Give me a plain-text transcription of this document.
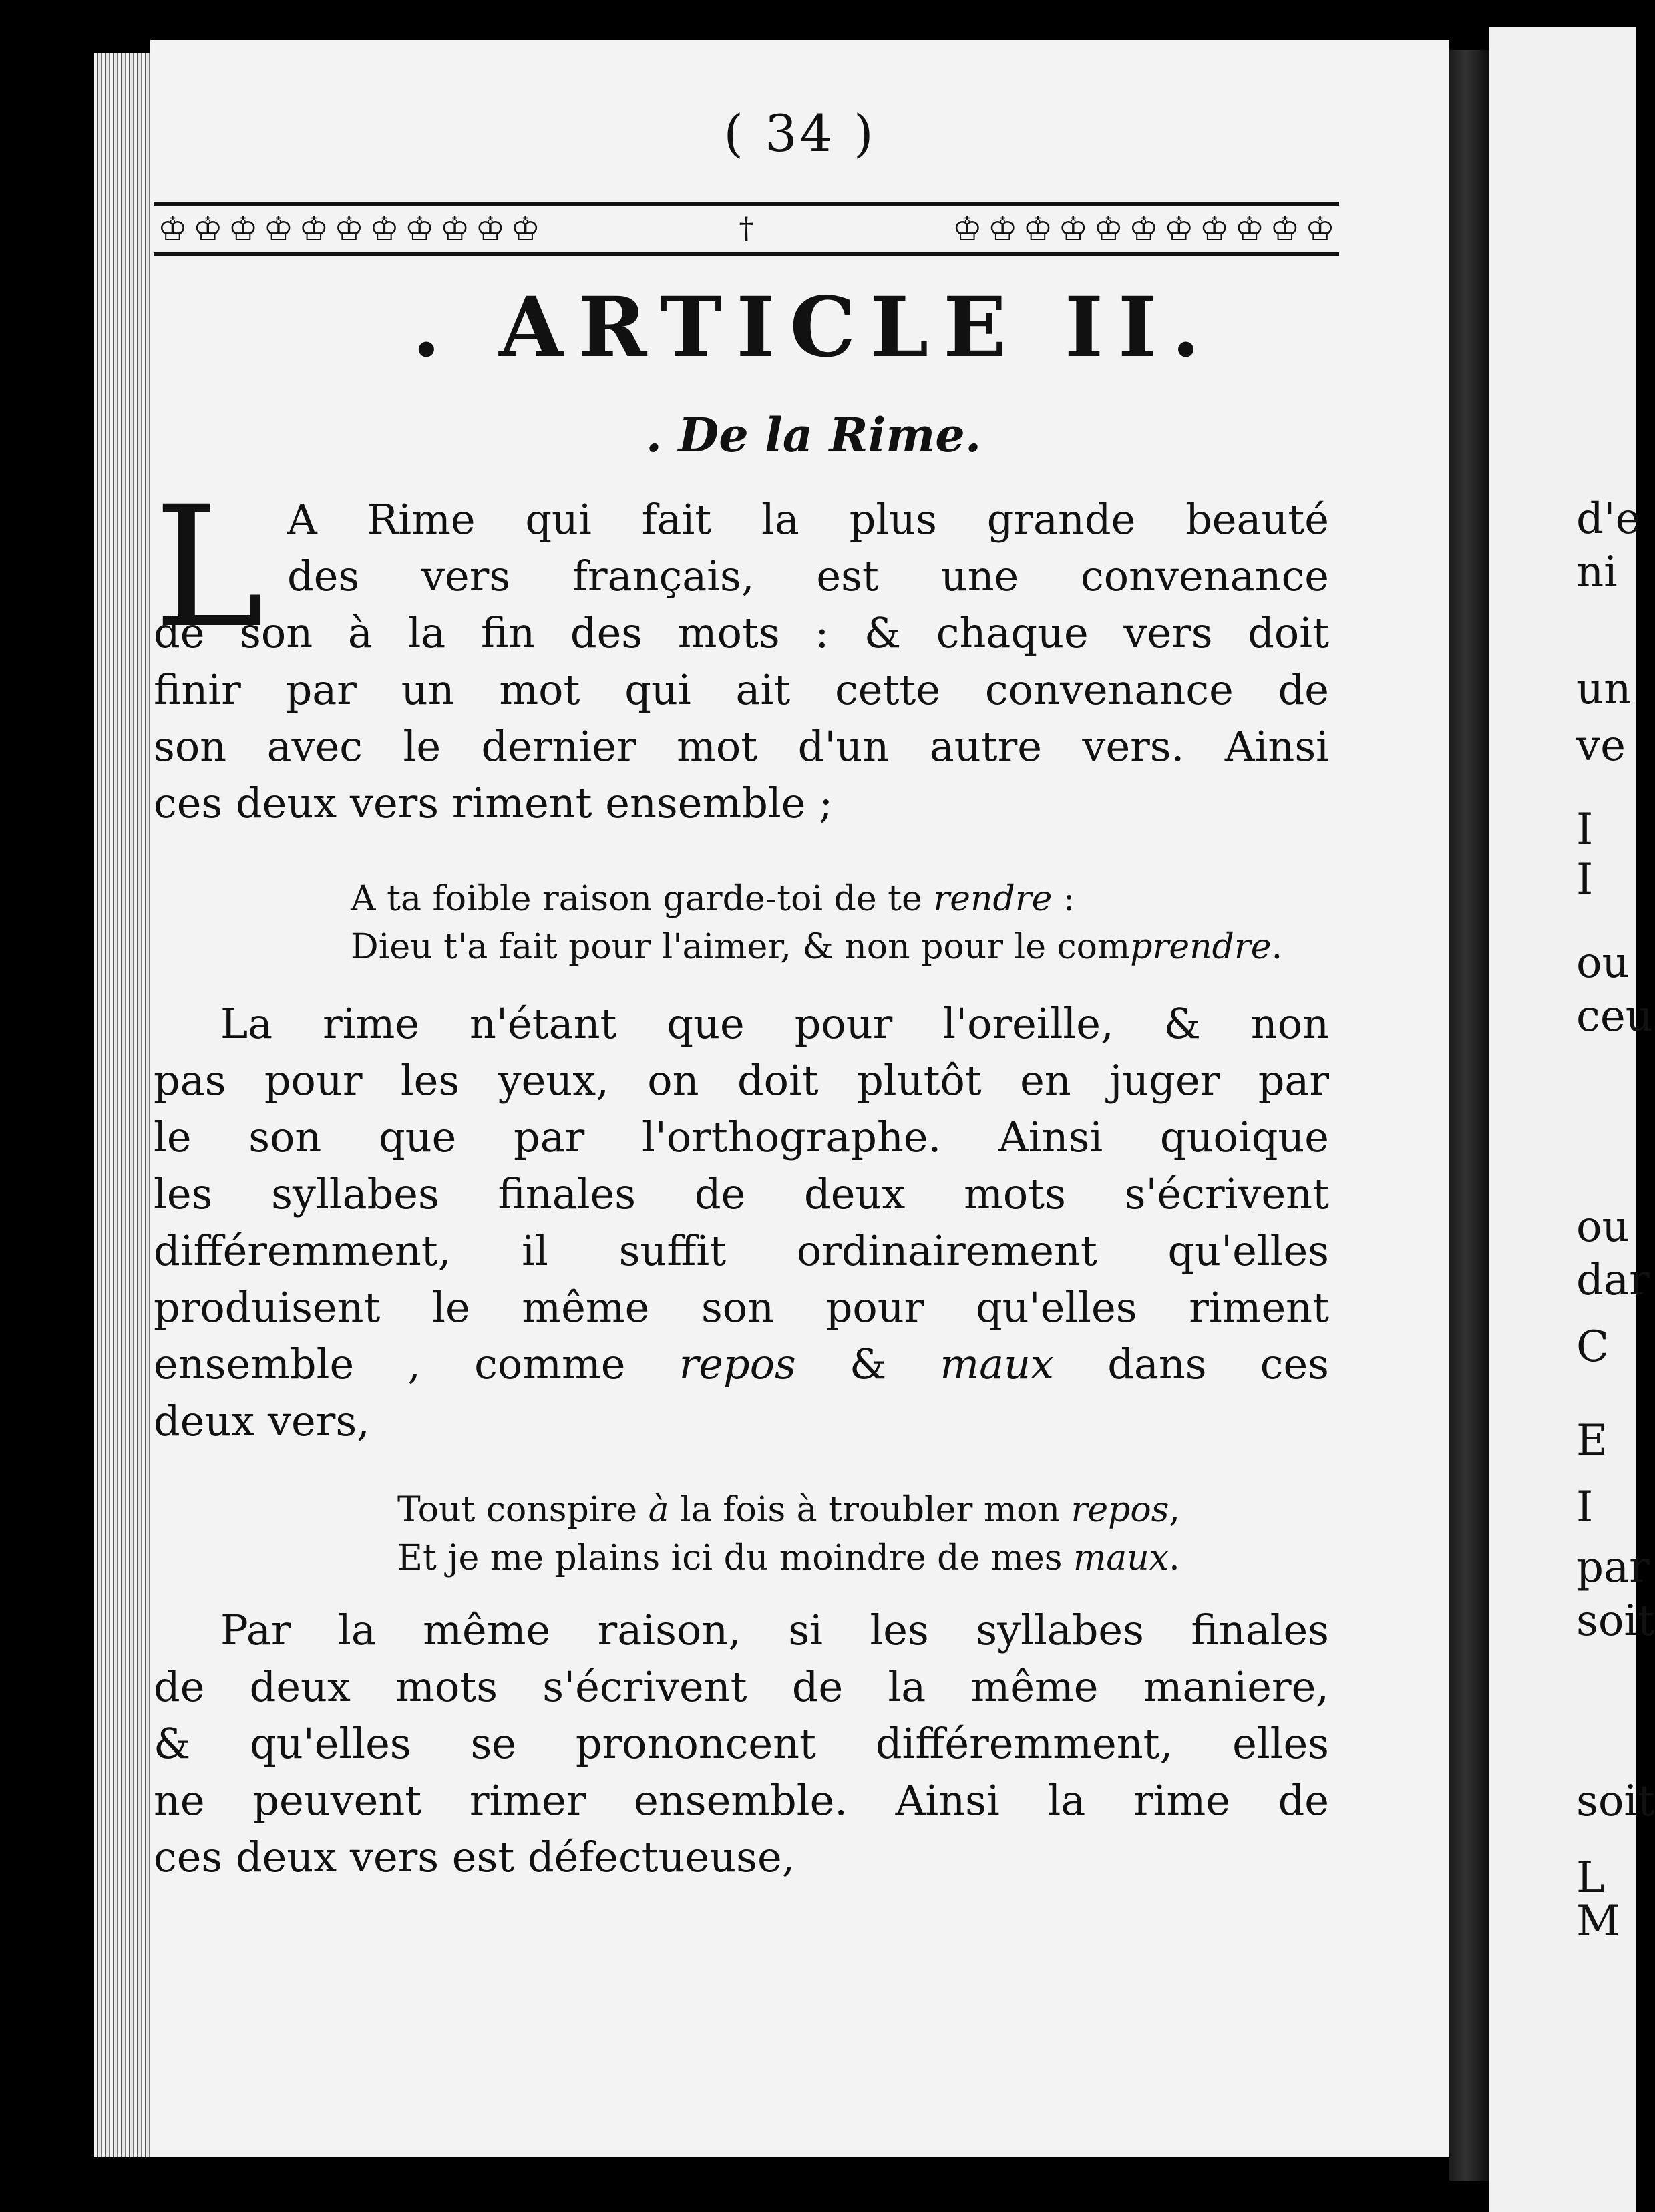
( 34 )
d'e
ni
un
ve
I
I
ou
ceu
ou
dar
C
E
I
par
soit
soit
L
M
♔ ♔ ♔ ♔ ♔ ♔ ♔ ♔ ♔ ♔ ♔	†	♔ ♔ ♔ ♔ ♔ ♔ ♔ ♔ ♔ ♔ ♔
. ARTICLE II.
. De la Rime.
L A Rime qui fait la plus grande beauté
des vers français, est une convenance
de son à la fin des mots : & chaque vers doit
finir par un mot qui ait cette convenance de
son avec le dernier mot d'un autre vers. Ainsi
ces deux vers riment ensemble ;
A ta foible raison garde-toi de te rendre :
Dieu t'a fait pour l'aimer, & non pour le comprendre.
La rime n'étant que pour l'oreille, & non
pas pour les yeux, on doit plutôt en juger par
le son que par l'orthographe. Ainsi quoique
les syllabes finales de deux mots s'écrivent
différemment, il suffit ordinairement qu'elles
produisent le même son pour qu'elles riment
ensemble , comme repos & maux dans ces
deux vers,
Tout conspire à la fois à troubler mon repos,
Et je me plains ici du moindre de mes maux.
Par la même raison, si les syllabes finales
de deux mots s'écrivent de la même maniere,
& qu'elles se prononcent différemment, elles
ne peuvent rimer ensemble. Ainsi la rime de
ces deux vers est défectueuse,
